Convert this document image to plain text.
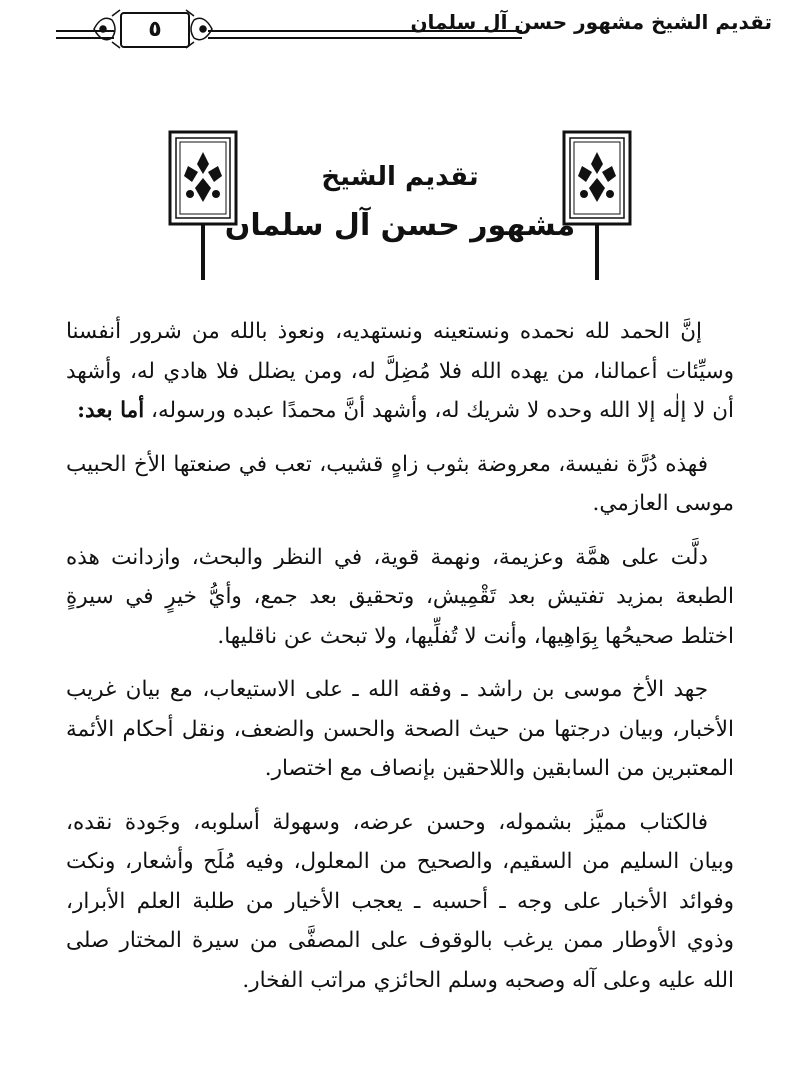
٥	تقديم الشيخ مشهور حسن آل سلمان
تقديم الشيخ
مشهور حسن آل سلمان

إنَّ الحمد لله نحمده ونستعينه ونستهديه، ونعوذ بالله من شرور أنفسنا وسيِّئات أعمالنا، من يهده الله فلا مُضِلَّ له، ومن يضلل فلا هادي له، وأشهد أن لا إلٰه إلا الله وحده لا شريك له، وأشهد أنَّ محمدًا عبده ورسوله، أما بعد:

فهذه دُرَّة نفيسة، معروضة بثوب زاهٍ قشيب، تعب في صنعتها الأخ الحبيب موسى العازمي.

دلَّت على همَّة وعزيمة، ونهمة قوية، في النظر والبحث، وازدانت هذه الطبعة بمزيد تفتيش بعد تَقْمِيش، وتحقيق بعد جمع، وأيُّ خيرٍ في سيرةٍ اختلط صحيحُها بِوَاهِيها، وأنت لا تُفلِّيها، ولا تبحث عن ناقليها.

جهد الأخ موسى بن راشد ـ وفقه الله ـ على الاستيعاب، مع بيان غريب الأخبار، وبيان درجتها من حيث الصحة والحسن والضعف، ونقل أحكام الأئمة المعتبرين من السابقين واللاحقين بإنصاف مع اختصار.

فالكتاب مميَّز بشموله، وحسن عرضه، وسهولة أسلوبه، وجَودة نقده، وبيان السليم من السقيم، والصحيح من المعلول، وفيه مُلَح وأشعار، ونكت وفوائد الأخبار على وجه ـ أحسبه ـ يعجب الأخيار من طلبة العلم الأبرار، وذوي الأوطار ممن يرغب بالوقوف على المصفَّى من سيرة المختار صلى الله عليه وعلى آله وصحبه وسلم الحائزي مراتب الفخار.
